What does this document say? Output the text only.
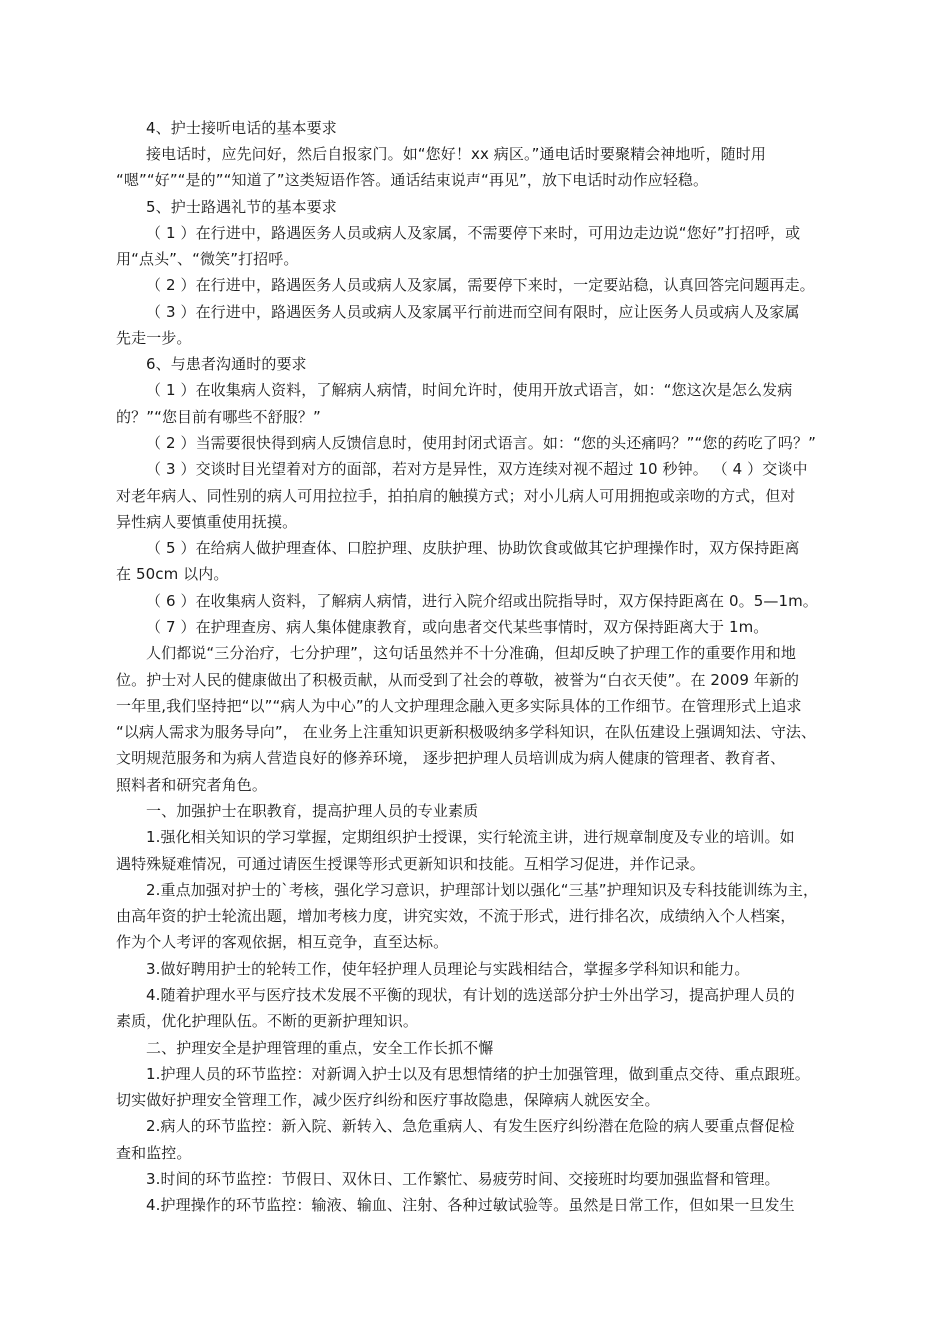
4、护士接听电话的基本要求
接电话时，应先问好，然后自报家门。如“您好！xx 病区。”通电话时要聚精会神地听，随时用
“嗯”“好”“是的”“知道了”这类短语作答。通话结束说声“再见”，放下电话时动作应轻稳。
5、护士路遇礼节的基本要求
（ 1 ）在行进中，路遇医务人员或病人及家属，不需要停下来时，可用边走边说“您好”打招呼，或
用“点头”、“微笑”打招呼。
（ 2 ）在行进中，路遇医务人员或病人及家属，需要停下来时，一定要站稳，认真回答完问题再走。
（ 3 ）在行进中，路遇医务人员或病人及家属平行前进而空间有限时，应让医务人员或病人及家属
先走一步。
6、与患者沟通时的要求
（ 1 ）在收集病人资料，了解病人病情，时间允许时，使用开放式语言，如：“您这次是怎么发病
的？”“您目前有哪些不舒服？”
（ 2 ）当需要很快得到病人反馈信息时，使用封闭式语言。如：“您的头还痛吗？”“您的药吃了吗？”
（ 3 ）交谈时目光望着对方的面部，若对方是异性，双方连续对视不超过 10 秒钟。 （ 4 ）交谈中
对老年病人、同性别的病人可用拉拉手，拍拍肩的触摸方式；对小儿病人可用拥抱或亲吻的方式，但对
异性病人要慎重使用抚摸。
（ 5 ）在给病人做护理查体、口腔护理、皮肤护理、协助饮食或做其它护理操作时，双方保持距离
在 50cm 以内。
（ 6 ）在收集病人资料，了解病人病情，进行入院介绍或出院指导时，双方保持距离在 0。5—1m。
（ 7 ）在护理查房、病人集体健康教育，或向患者交代某些事情时，双方保持距离大于 1m。
人们都说“三分治疗，七分护理”，这句话虽然并不十分准确，但却反映了护理工作的重要作用和地
位。护士对人民的健康做出了积极贡献，从而受到了社会的尊敬，被誉为“白衣天使”。在 2009 年新的
一年里,我们坚持把“以”“病人为中心”的人文护理理念融入更多实际具体的工作细节。在管理形式上追求
“以病人需求为服务导向”， 在业务上注重知识更新积极吸纳多学科知识，在队伍建设上强调知法、守法、
文明规范服务和为病人营造良好的修养环境， 逐步把护理人员培训成为病人健康的管理者、教育者、
照料者和研究者角色。
一、加强护士在职教育，提高护理人员的专业素质
1.强化相关知识的学习掌握，定期组织护士授课，实行轮流主讲，进行规章制度及专业的培训。如
遇特殊疑难情况，可通过请医生授课等形式更新知识和技能。互相学习促进，并作记录。
2.重点加强对护士的`考核，强化学习意识，护理部计划以强化“三基”护理知识及专科技能训练为主，
由高年资的护士轮流出题，增加考核力度，讲究实效，不流于形式，进行排名次，成绩纳入个人档案，
作为个人考评的客观依据，相互竞争，直至达标。
3.做好聘用护士的轮转工作，使年轻护理人员理论与实践相结合，掌握多学科知识和能力。
4.随着护理水平与医疗技术发展不平衡的现状，有计划的选送部分护士外出学习，提高护理人员的
素质，优化护理队伍。不断的更新护理知识。
二、护理安全是护理管理的重点，安全工作长抓不懈
1.护理人员的环节监控：对新调入护士以及有思想情绪的护士加强管理，做到重点交待、重点跟班。
切实做好护理安全管理工作，减少医疗纠纷和医疗事故隐患，保障病人就医安全。
2.病人的环节监控：新入院、新转入、急危重病人、有发生医疗纠纷潜在危险的病人要重点督促检
查和监控。
3.时间的环节监控：节假日、双休日、工作繁忙、易疲劳时间、交接班时均要加强监督和管理。
4.护理操作的环节监控：输液、输血、注射、各种过敏试验等。虽然是日常工作，但如果一旦发生
